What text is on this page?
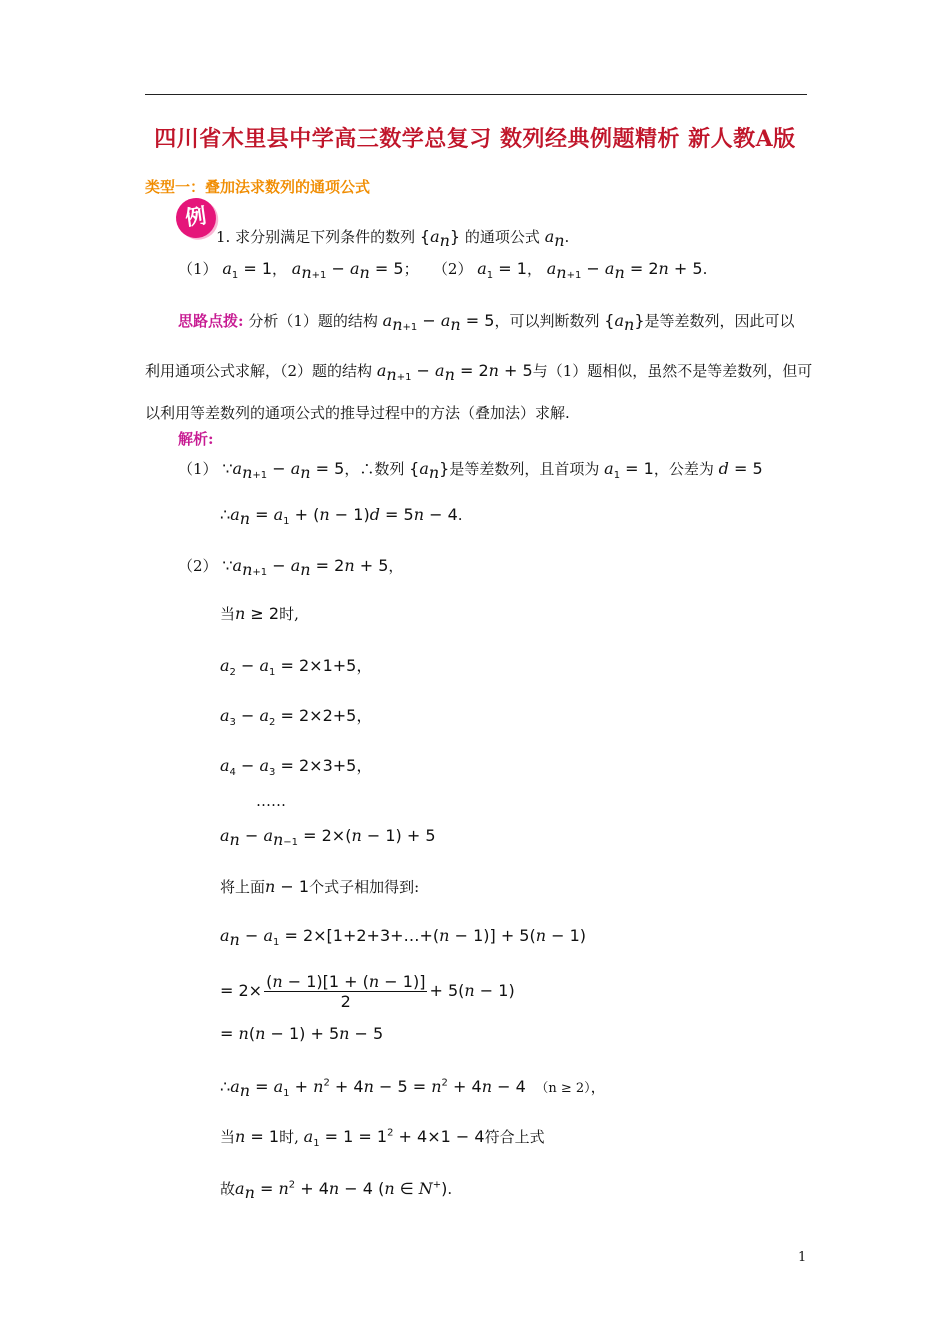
四川省木里县中学高三数学总复习 数列经典例题精析 新人教A版
类型一：叠加法求数列的通项公式
例
1. 求分别满足下列条件的数列 $\{a_n\}$ 的通项公式 $a_n$.
（1） $a_1 = 1$， $a_{n+1} - a_n = 5$；   （2） $a_1 = 1$， $a_{n+1} - a_n = 2n + 5$.
思路点拨: 分析（1）题的结构 $a_{n+1} - a_n = 5$，可以判断数列 $\{a_n\}$是等差数列，因此可以
利用通项公式求解，（2）题的结构 $a_{n+1} - a_n = 2n + 5$与（1）题相似，虽然不是等差数列，但可
以利用等差数列的通项公式的推导过程中的方法（叠加法）求解.
解析:
（1） $\because a_{n+1} - a_n = 5$，∴数列 $\{a_n\}$是等差数列，且首项为 $a_1 = 1$，公差为 d = 5
$\therefore a_n = a_1 + (n - 1)d = 5n - 4$.
（2） $\because a_{n+1} - a_n = 2n + 5$，
当n ≥ 2时,
$a_2 - a_1 = 2\times 1+5$，
$a_3 - a_2 = 2\times 2+5$，
$a_4 - a_3 = 2\times 3+5$，
……
$a_n - a_{n-1} = 2\times(n - 1) + 5$
将上面n − 1个式子相加得到:
$a_n - a_1$ = 2×[1+2+3+…+(n − 1)] + 5(n − 1)
= $2\times \frac{(n - 1)[1 + (n - 1)]}{2} + 5(n - 1)$
= n(n − 1) + 5n − 5
$\therefore a_n = a_1 + n^2 + 4n - 5 = n^2 + 4n - 4$ （n ≥ 2），
当n = 1时, $a_1 = 1 = 1^2 + 4\times 1 - 4$符合上式
故$a_n = n^2 + 4n - 4$ (n ∈ N+).
1
